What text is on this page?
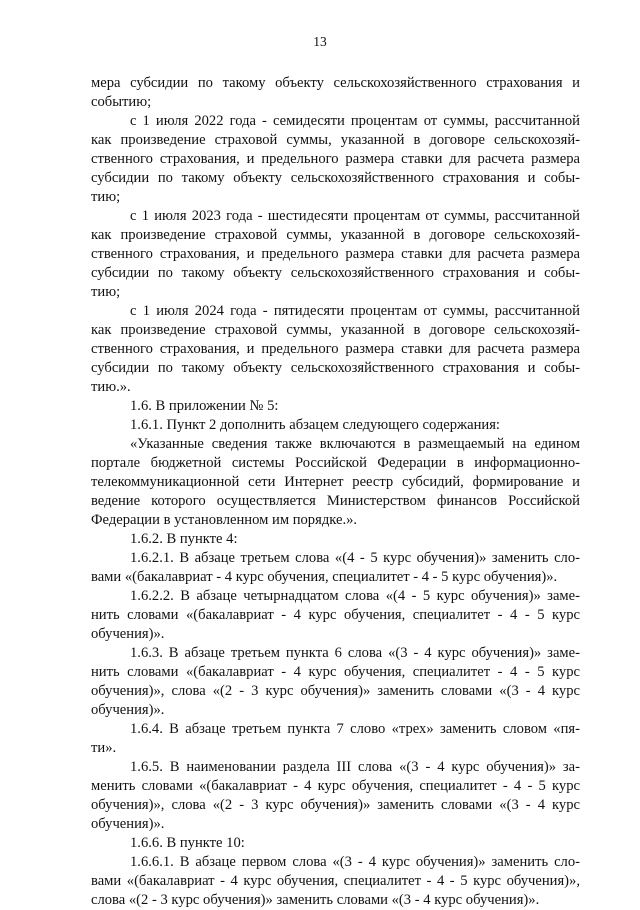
13
мера субсидии по такому объекту сельскохозяйственного страхования и
событию;
с 1 июля 2022 года - семидесяти процентам от суммы, рассчитанной
как произведение страховой суммы, указанной в договоре сельскохозяй-
ственного страхования, и предельного размера ставки для расчета размера
субсидии по такому объекту сельскохозяйственного страхования и собы-
тию;
с 1 июля 2023 года - шестидесяти процентам от суммы, рассчитанной
как произведение страховой суммы, указанной в договоре сельскохозяй-
ственного страхования, и предельного размера ставки для расчета размера
субсидии по такому объекту сельскохозяйственного страхования и собы-
тию;
с 1 июля 2024 года - пятидесяти процентам от суммы, рассчитанной
как произведение страховой суммы, указанной в договоре сельскохозяй-
ственного страхования, и предельного размера ставки для расчета размера
субсидии по такому объекту сельскохозяйственного страхования и собы-
тию.».
1.6. В приложении № 5:
1.6.1. Пункт 2 дополнить абзацем следующего содержания:
«Указанные сведения также включаются в размещаемый на едином
портале бюджетной системы Российской Федерации в информационно-
телекоммуникационной сети Интернет реестр субсидий, формирование и
ведение которого осуществляется Министерством финансов Российской
Федерации в установленном им порядке.».
1.6.2. В пункте 4:
1.6.2.1. В абзаце третьем слова «(4 - 5 курс обучения)» заменить сло-
вами «(бакалавриат - 4 курс обучения, специалитет - 4 - 5 курс обучения)».
1.6.2.2. В абзаце четырнадцатом слова «(4 - 5 курс обучения)» заме-
нить словами «(бакалавриат - 4 курс обучения, специалитет - 4 - 5 курс
обучения)».
1.6.3. В абзаце третьем пункта 6 слова «(3 - 4 курс обучения)» заме-
нить словами «(бакалавриат - 4 курс обучения, специалитет - 4 - 5 курс
обучения)», слова «(2 - 3 курс обучения)» заменить словами «(3 - 4 курс
обучения)».
1.6.4. В абзаце третьем пункта 7 слово «трех» заменить словом «пя-
ти».
1.6.5. В наименовании раздела III слова «(3 - 4 курс обучения)» за-
менить словами «(бакалавриат - 4 курс обучения, специалитет - 4 - 5 курс
обучения)», слова «(2 - 3 курс обучения)» заменить словами «(3 - 4 курс
обучения)».
1.6.6. В пункте 10:
1.6.6.1. В абзаце первом слова «(3 - 4 курс обучения)» заменить сло-
вами «(бакалавриат - 4 курс обучения, специалитет - 4 - 5 курс обучения)»,
слова «(2 - 3 курс обучения)» заменить словами «(3 - 4 курс обучения)».
